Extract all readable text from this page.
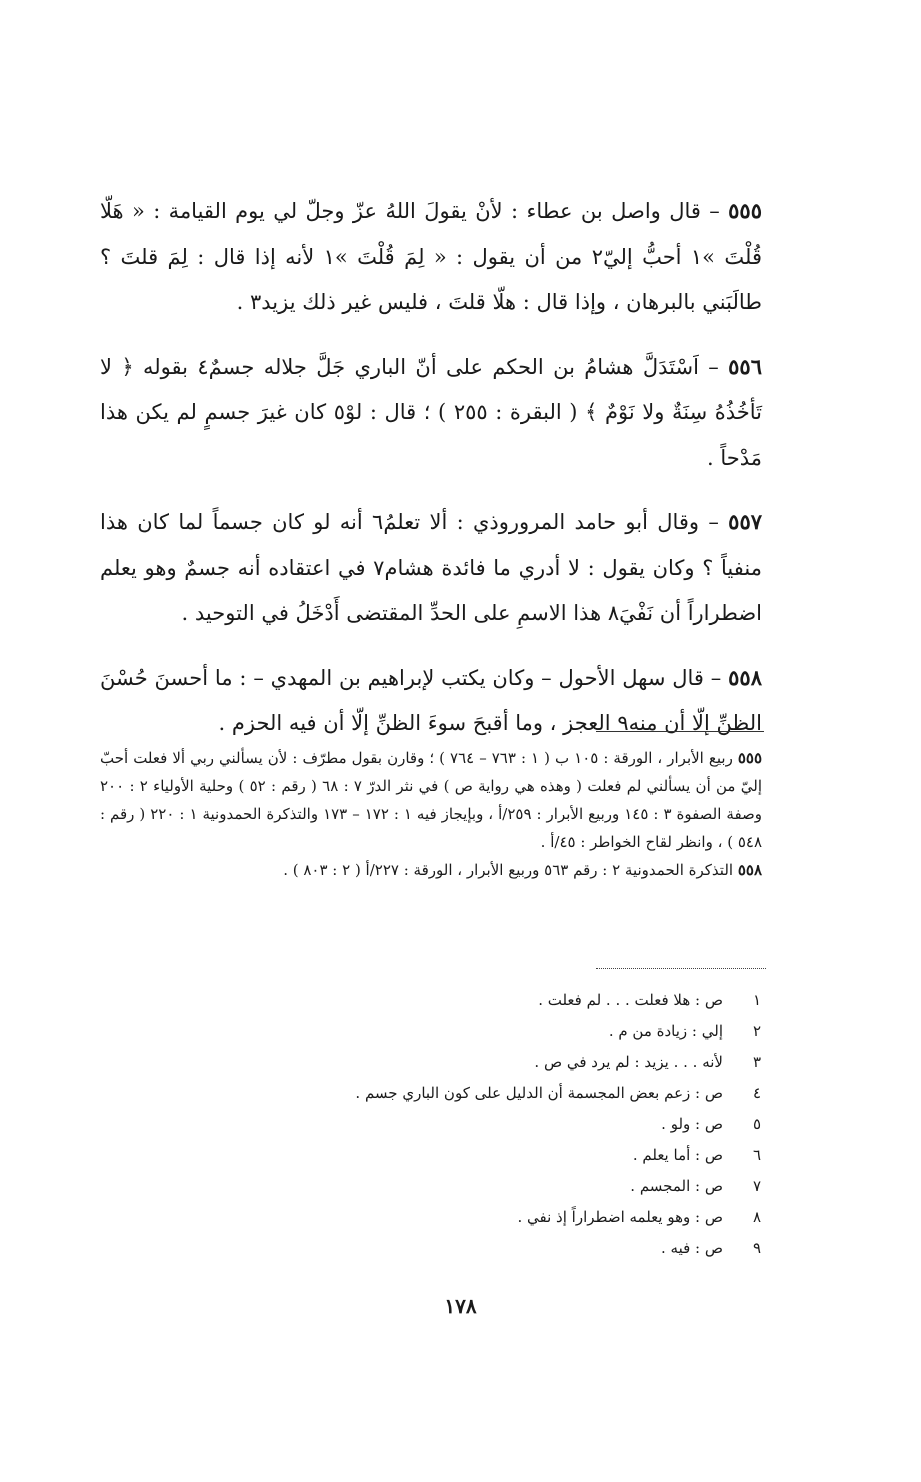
٥٥٥ – قال واصل بن عطاء : لأنْ يقولَ اللهُ عزّ وجلّ لي يوم القيامة : « هَلّا قُلْتَ »١ أحبُّ إليّ٢ من أن يقول : « لِمَ قُلْتَ »١ لأنه إذا قال : لِمَ قلتَ ؟ طالَبَني بالبرهان ، وإذا قال : هلّا قلتَ ، فليس غير ذلك يزيد٣ .

٥٥٦ – اَسْتَدَلَّ هشامُ بن الحكم على أنّ الباري جَلَّ جلاله جسمٌ٤ بقوله ﴿ لا تَأخُذُهُ سِنَةٌ ولا نَوْمٌ ﴾ ( البقرة : ٢٥٥ ) ؛ قال : لوْ٥ كان غيرَ جسمٍ لم يكن هذا مَدْحاً .

٥٥٧ – وقال أبو حامد المروروذي : ألا تعلمُ٦ أنه لو كان جسماً لما كان هذا منفياً ؟ وكان يقول : لا أدري ما فائدة هشام٧ في اعتقاده أنه جسمٌ وهو يعلم اضطراراً أن نَفْيَ٨ هذا الاسمِ على الحدِّ المقتضى أَدْخَلُ في التوحيد .

٥٥٨ – قال سهل الأحول – وكان يكتب لإبراهيم بن المهدي – : ما أحسنَ حُسْنَ الظنِّ إلّا أن منه٩ العجز ، وما أقبحَ سوءَ الظنِّ إلّا أن فيه الحزم .

٥٥٥ ربيع الأبرار ، الورقة : ١٠٥ ب ( ١ : ٧٦٣ – ٧٦٤ ) ؛ وقارن بقول مطرّف : لأن يسألني ربي ألا فعلت أحبّ إليّ من أن يسألني لم فعلت ( وهذه هي رواية ص ) في نثر الدرّ ٧ : ٦٨ ( رقم : ٥٢ ) وحلية الأولياء ٢ : ٢٠٠ وصفة الصفوة ٣ : ١٤٥ وربيع الأبرار : ٢٥٩/أ ، وبإيجاز فيه ١ : ١٧٢ – ١٧٣ والتذكرة الحمدونية ١ : ٢٢٠ ( رقم : ٥٤٨ ) ، وانظر لقاح الخواطر : ٤٥/أ .

٥٥٨ التذكرة الحمدونية ٢ : رقم ٥٦٣ وربيع الأبرار ، الورقة : ٢٢٧/أ ( ٢ : ٨٠٣ ) .

١ص : هلا فعلت . . . لم فعلت .
٢إلي : زيادة من م .
٣لأنه . . . يزيد : لم يرد في ص .
٤ص : زعم بعض المجسمة أن الدليل على كون الباري جسم .
٥ص : ولو .
٦ص : أما يعلم .
٧ص : المجسم .
٨ص : وهو يعلمه اضطراراً إذ نفي .
٩ص : فيه .
١٧٨
